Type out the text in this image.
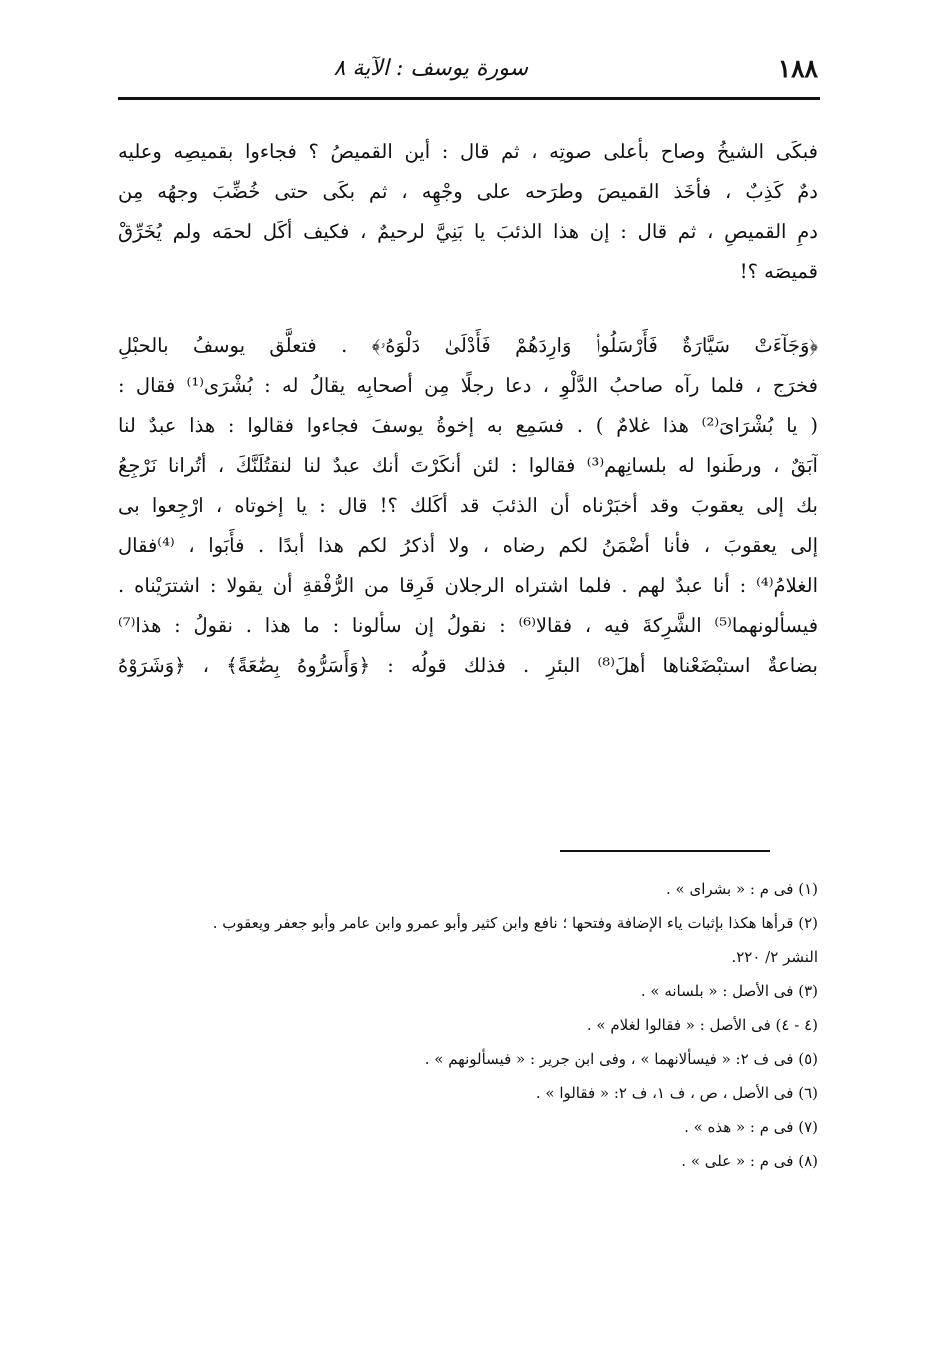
١٨٨
سورة يوسف : الآية ٨
فبكَى الشيخُ وصاح بأعلى صوتِه ، ثم قال : أين القميصُ ؟ فجاءوا بقميصِه وعليه
دمٌ كَذِبٌ ، فأخَذ القميصَ وطرَحه على وجْهِه ، ثم بكَى حتى خُضِّبَ وجهُه مِن
دمِ القميصِ ، ثم قال : إن هذا الذئبَ يا بَنِيَّ لرحيمٌ ، فكيف أكَل لحمَه ولم يُخَرِّقْ
قميصَه ؟!
﴿وَجَآءَتْ سَيَّارَةٌ فَأَرْسَلُوا۟ وَارِدَهُمْ فَأَدْلَىٰ دَلْوَهُۥ﴾ . فتعلَّق يوسفُ بالحبْلِ
فخرَج ، فلما رآه صاحبُ الدَّلْوِ ، دعا رجلًا مِن أصحابِه يقالُ له : بُشْرَى⁽¹⁾ فقال :
( يا بُشْرَاىَ⁽²⁾ هذا غلامٌ ) . فسَمِع به إخوةُ يوسفَ فجاءوا فقالوا : هذا عبدٌ لنا
آبَقٌ ، ورطَنوا له بلسانِهم⁽³⁾ فقالوا : لئن أنكَرْتَ أنك عبدٌ لنا لنقتُلَنَّكَ ، أتُرانا نَرْجِعُ
بك إلى يعقوبَ وقد أخبَرْناه أن الذئبَ قد أكَلك ؟! قال : يا إخوتاه ، ارْجِعوا بى
إلى يعقوبَ ، فأنا أضْمَنُ لكم رضاه ، ولا أذكرُ لكم هذا أبدًا . فأَبَوا ، ⁽⁴⁾فقال
الغلامُ⁽⁴⁾ : أنا عبدٌ لهم . فلما اشتراه الرجلان فَرِقا من الرُّفْقةِ أن يقولا : اشترَيْناه .
فيسألونهما⁽⁵⁾ الشَّرِكةَ فيه ، فقالا⁽⁶⁾ : نقولُ إن سألونا : ما هذا . نقولُ : هذا⁽⁷⁾
بضاعةٌ استبْضَعْناها أهلَ⁽⁸⁾ البئرِ . فذلك قولُه : ﴿وَأَسَرُّوهُ بِضَٰعَةً﴾ ، ﴿وَشَرَوْهُ
(١) فى م : « بشراى » .
(٢) قرأها هكذا بإثبات ياء الإضافة وفتحها ؛ نافع وابن كثير وأبو عمرو وابن عامر وأبو جعفر ويعقوب .
النشر ٢/ ٢٢٠.
(٣) فى الأصل : « بلسانه » .
(٤ - ٤) فى الأصل : « فقالوا لغلام » .
(٥) فى ف ٢: « فيسألانهما » ، وفى ابن جرير : « فيسألونهم » .
(٦) فى الأصل ، ص ، ف ١، ف ٢: « فقالوا » .
(٧) فى م : « هذه » .
(٨) فى م : « على » .
